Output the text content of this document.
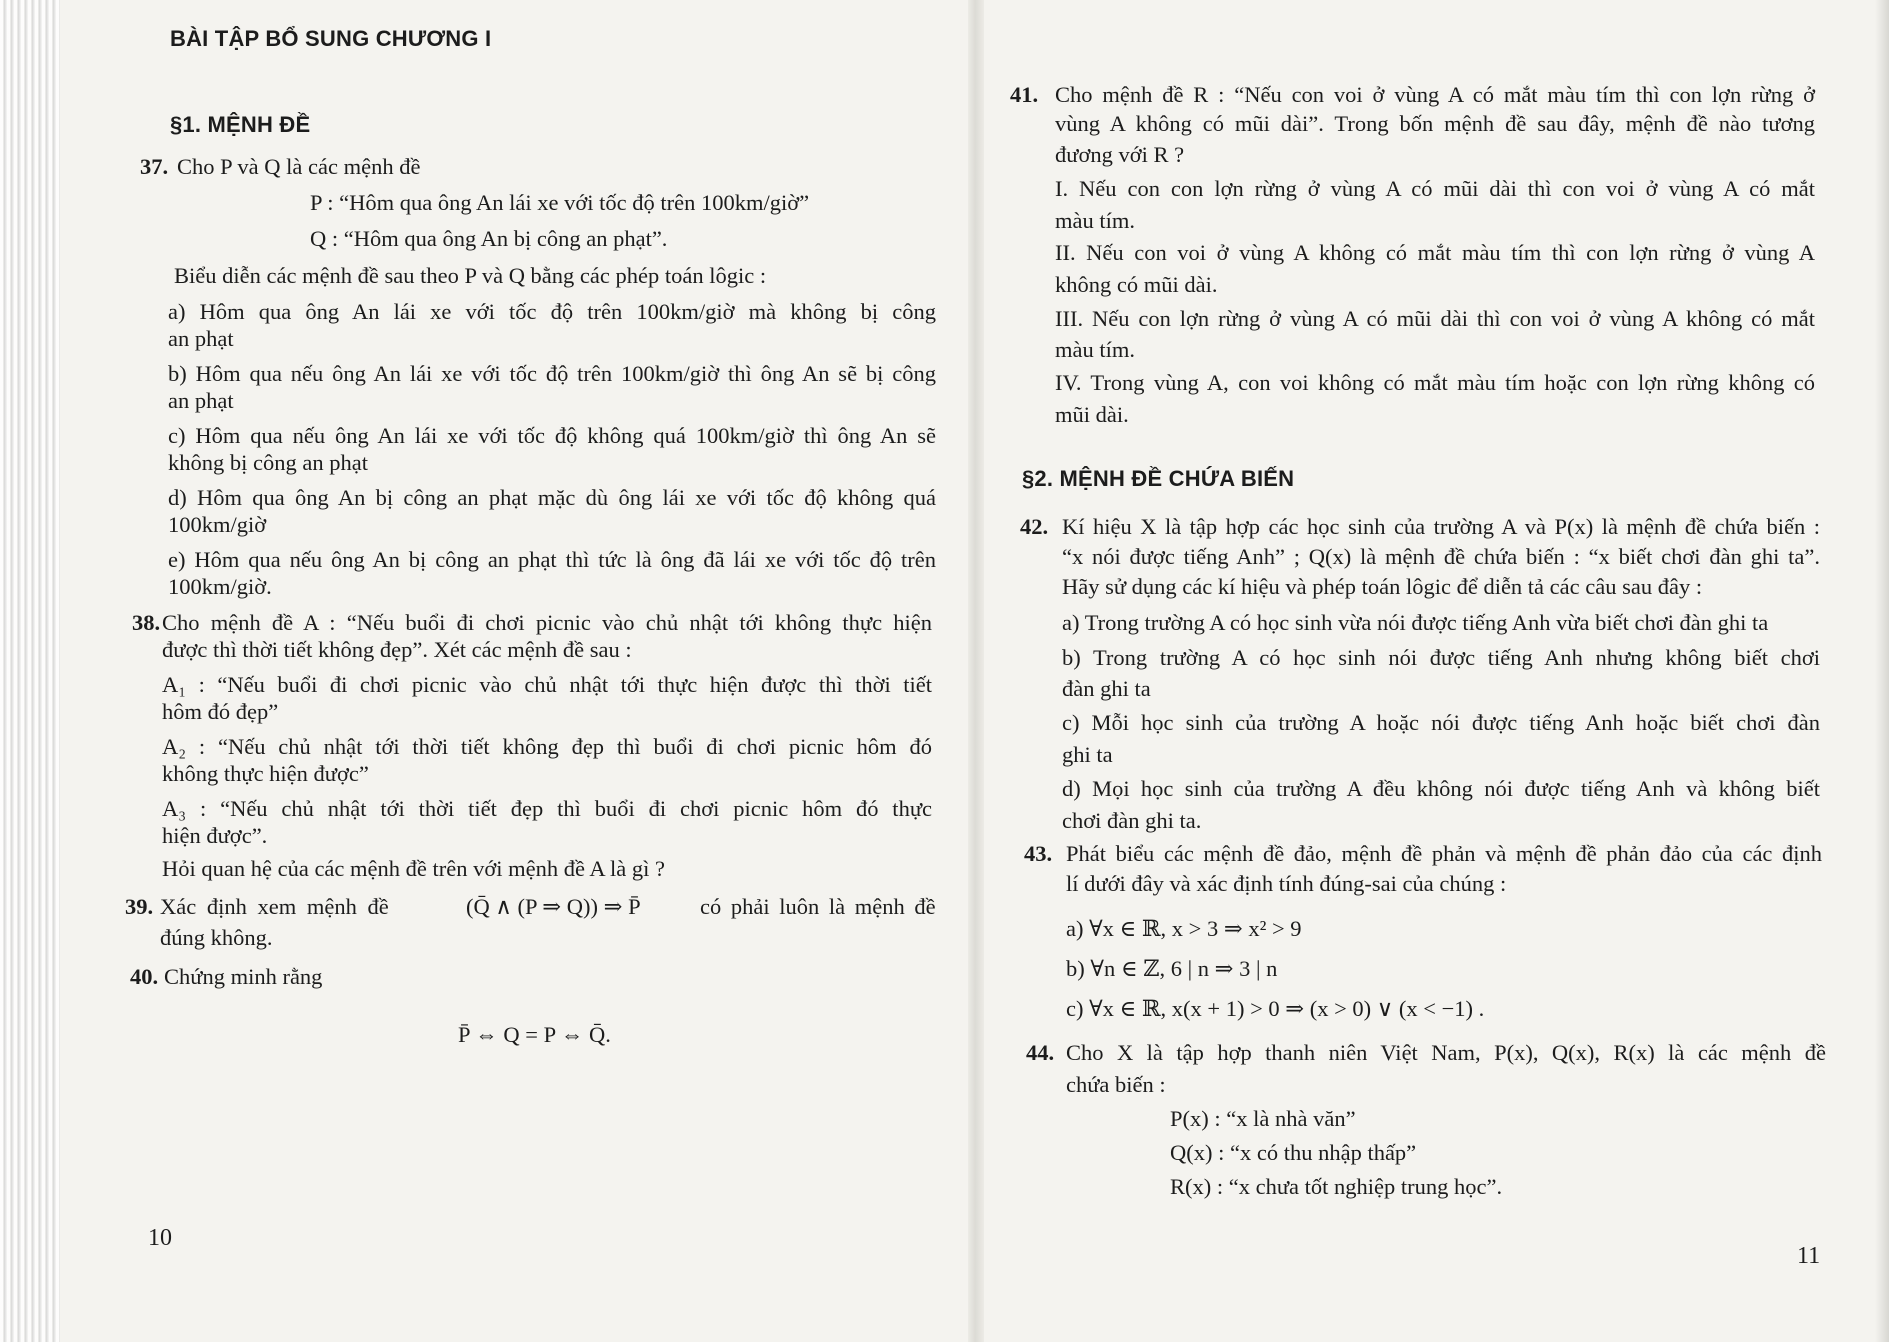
BÀI TẬP BỔ SUNG CHƯƠNG I
§1. MỆNH ĐỀ
37. Cho P và Q là các mệnh đề
P : “Hôm qua ông An lái xe với tốc độ trên 100km/giờ”
Q : “Hôm qua ông An bị công an phạt”.
Biểu diễn các mệnh đề sau theo P và Q bằng các phép toán lôgic :
a) Hôm qua ông An lái xe với tốc độ trên 100km/giờ mà không bị công
an phạt
b) Hôm qua nếu ông An lái xe với tốc độ trên 100km/giờ thì ông An sẽ bị công
an phạt
c) Hôm qua nếu ông An lái xe với tốc độ không quá 100km/giờ thì ông An sẽ
không bị công an phạt
d) Hôm qua ông An bị công an phạt mặc dù ông lái xe với tốc độ không quá
100km/giờ
e) Hôm qua nếu ông An bị công an phạt thì tức là ông đã lái xe với tốc độ trên
100km/giờ.
38. Cho mệnh đề A : “Nếu buổi đi chơi picnic vào chủ nhật tới không thực hiện
được thì thời tiết không đẹp”. Xét các mệnh đề sau :
A₁ : “Nếu buổi đi chơi picnic vào chủ nhật tới thực hiện được thì thời tiết
hôm đó đẹp”
A₂ : “Nếu chủ nhật tới thời tiết không đẹp thì buổi đi chơi picnic hôm đó
không thực hiện được”
A₃ : “Nếu chủ nhật tới thời tiết đẹp thì buổi đi chơi picnic hôm đó thực
hiện được”.
Hỏi quan hệ của các mệnh đề trên với mệnh đề A là gì ?
39. Xác định xem mệnh đề	(Q̄ ∧ (P ⇒ Q)) ⇒ P̄	có phải luôn là mệnh đề
đúng không.
40. Chứng minh rằng
P̄ ⇔ Q = P ⇔ Q̄.
10
41. Cho mệnh đề R : “Nếu con voi ở vùng A có mắt màu tím thì con lợn rừng ở
vùng A không có mũi dài”. Trong bốn mệnh đề sau đây, mệnh đề nào tương
đương với R ?
I. Nếu con con lợn rừng ở vùng A có mũi dài thì con voi ở vùng A có mắt
màu tím.
II. Nếu con voi ở vùng A không có mắt màu tím thì con lợn rừng ở vùng A
không có mũi dài.
III. Nếu con lợn rừng ở vùng A có mũi dài thì con voi ở vùng A không có mắt
màu tím.
IV. Trong vùng A, con voi không có mắt màu tím hoặc con lợn rừng không có
mũi dài.
§2. MỆNH ĐỀ CHỨA BIẾN
42. Kí hiệu X là tập hợp các học sinh của trường A và P(x) là mệnh đề chứa biến :
“x nói được tiếng Anh” ; Q(x) là mệnh đề chứa biến : “x biết chơi đàn ghi ta”.
Hãy sử dụng các kí hiệu và phép toán lôgic để diễn tả các câu sau đây :
a) Trong trường A có học sinh vừa nói được tiếng Anh vừa biết chơi đàn ghi ta
b) Trong trường A có học sinh nói được tiếng Anh nhưng không biết chơi
đàn ghi ta
c) Mỗi học sinh của trường A hoặc nói được tiếng Anh hoặc biết chơi đàn
ghi ta
d) Mọi học sinh của trường A đều không nói được tiếng Anh và không biết
chơi đàn ghi ta.
43. Phát biểu các mệnh đề đảo, mệnh đề phản và mệnh đề phản đảo của các định
lí dưới đây và xác định tính đúng-sai của chúng :
a) ∀x ∈ ℝ, x > 3 ⇒ x² > 9
b) ∀n ∈ ℤ, 6 | n ⇒ 3 | n
c) ∀x ∈ ℝ, x(x + 1) > 0 ⇒ (x > 0) ∨ (x < −1) .
44. Cho X là tập hợp thanh niên Việt Nam, P(x), Q(x), R(x) là các mệnh đề
chứa biến :
P(x) : “x là nhà văn”
Q(x) : “x có thu nhập thấp”
R(x) : “x chưa tốt nghiệp trung học”.
11
